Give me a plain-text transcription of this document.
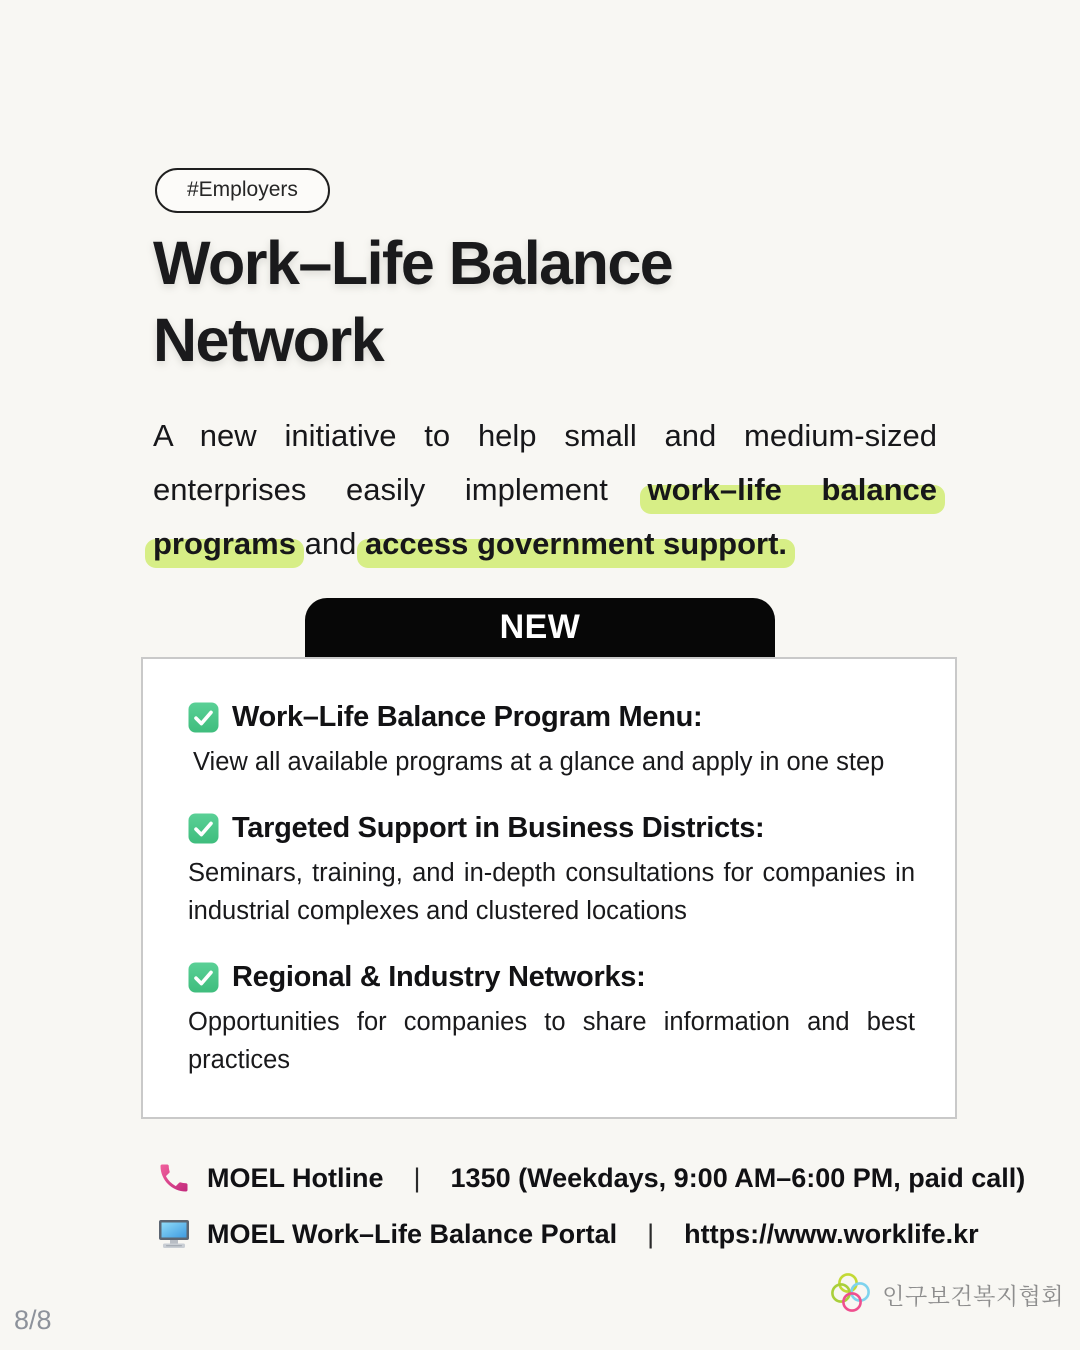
#Employers
Work–Life Balance
Network
A new initiative to help small and medium-sized
enterprises easily implement work–life balance
programs and access government support.
NEW
Work–Life Balance Program Menu:
View all available programs at a glance and apply in one step
Targeted Support in Business Districts:
Seminars, training, and in-depth consultations for companies in industrial complexes and clustered locations
Regional & Industry Networks:
Opportunities for companies to share information and best practices
MOEL Hotline | 1350 (Weekdays, 9:00 AM–6:00 PM, paid call)
MOEL Work–Life Balance Portal | https://www.worklife.kr
8/8
인구보건복지협회
